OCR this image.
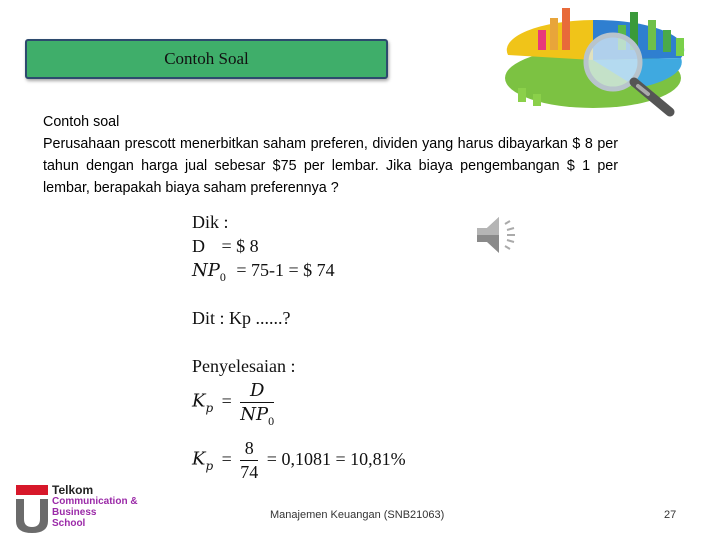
Contoh Soal

Contoh soal

Perusahaan prescott menerbitkan saham preferen, dividen yang harus dibayarkan $ 8 per tahun dengan harga jual sebesar $75 per lembar. Jika biaya pengembangan $ 1 per lembar, berapakah biaya saham preferennya ?

Dik :
D = $ 8
$NP_0 = 75-1$ = $ 74
Dit : Kp ......?
Penyelesaian :
$K_p = \frac{D}{NP_0}$
$K_p = \frac{8}{74} = 0,1081 = 10,81\%$
Telkom
Communication &
Business
School
Manajemen Keuangan (SNB21063)	27
